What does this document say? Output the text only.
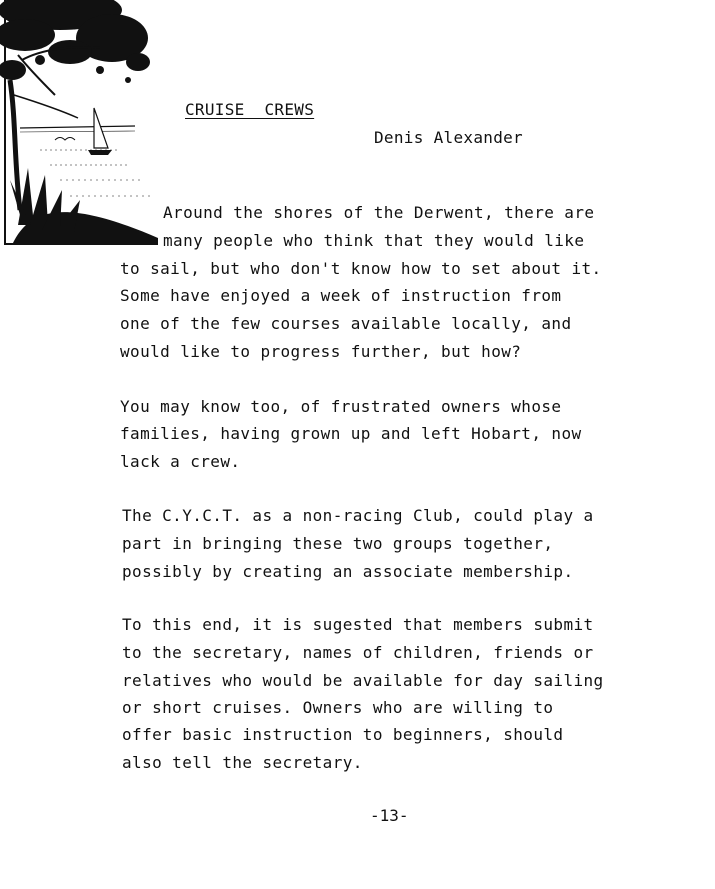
CRUISE  CREWS
Denis Alexander
Around the shores of the Derwent, there are
many people who think that they would like
to sail, but who don't know how to set about it.
Some have enjoyed a week of instruction from
one of the few courses available locally, and
would like to progress further, but how?
You may know too, of frustrated owners whose
families, having grown up and left Hobart, now
lack a crew.
The C.Y.C.T. as a non-racing Club, could play a
part in bringing these two groups together,
possibly by creating an associate membership.
To this end, it is sugested that members submit
to the secretary, names of children, friends or
relatives who would be available for day sailing
or short cruises. Owners who are willing to
offer basic instruction to beginners, should
also tell the secretary.
-13-
